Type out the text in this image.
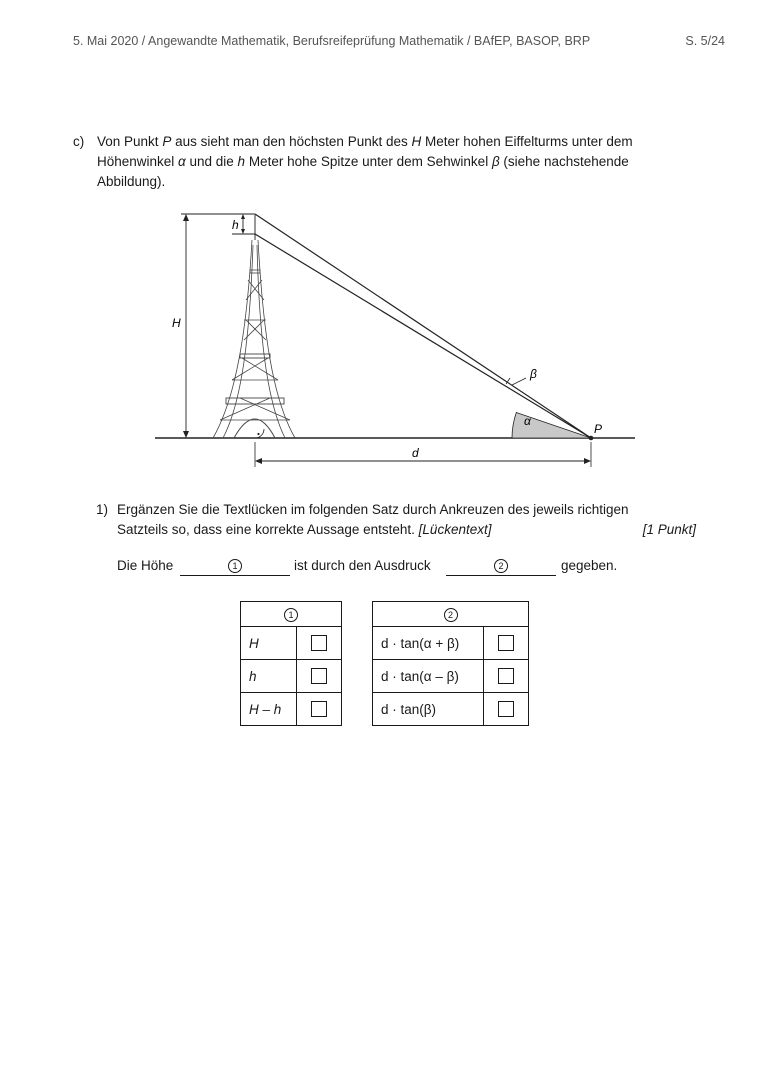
5. Mai 2020 / Angewandte Mathematik, Berufsreifeprüfung Mathematik / BAfEP, BASOP, BRP	S. 5/24
c) Von Punkt P aus sieht man den höchsten Punkt des H Meter hohen Eiffelturms unter dem Höhenwinkel α und die h Meter hohe Spitze unter dem Sehwinkel β (siehe nachstehende Abbildung).
h
H
d
P
α
β
1) Ergänzen Sie die Textlücken im folgenden Satz durch Ankreuzen des jeweils richtigen Satzteils so, dass eine korrekte Aussage entsteht. [Lückentext]	[1 Punkt]
Die Höhe	1	ist durch den Ausdruck	2	gegeben.
1	
H	
h	
H – h	
2	
d · tan(α + β)	
d · tan(α – β)	
d · tan(β)	
